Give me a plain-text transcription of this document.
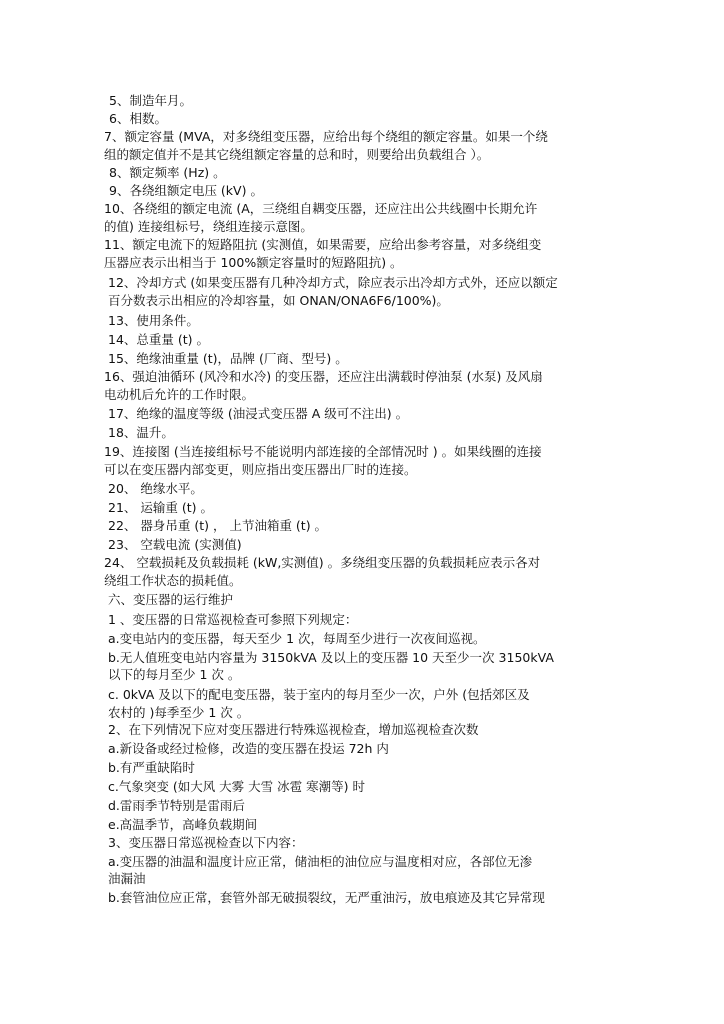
5、制造年月。
6、相数。
7、额定容量 (MVA，对多绕组变压器，应给出每个绕组的额定容量。如果一个绕
组的额定值并不是其它绕组额定容量的总和时，则要给出负载组合 ）。
8、额定频率 (Hz) 。
9、各绕组额定电压 (kV) 。
10、各绕组的额定电流 (A，三绕组自耦变压器，还应注出公共线圈中长期允许
的值) 连接组标号，绕组连接示意图。
11、额定电流下的短路阻抗 (实测值，如果需要，应给出参考容量，对多绕组变
压器应表示出相当于 100%额定容量时的短路阻抗) 。
12、冷却方式 (如果变压器有几种冷却方式，除应表示出冷却方式外，还应以额定
百分数表示出相应的冷却容量，如 ONAN/ONA6F6/100%)。
13、使用条件。
14、总重量 (t) 。
15、绝缘油重量 (t)，品牌 (厂商、型号) 。
16、强迫油循环 (风冷和水冷) 的变压器，还应注出满载时停油泵 (水泵) 及风扇
电动机后允许的工作时限。
17、绝缘的温度等级 (油浸式变压器 A 级可不注出) 。
18、温升。
19、连接图 (当连接组标号不能说明内部连接的全部情况时 ) 。如果线圈的连接
可以在变压器内部变更，则应指出变压器出厂时的连接。
20、 绝缘水平。
21、 运输重 (t) 。
22、 器身吊重 (t) ， 上节油箱重 (t) 。
23、 空载电流 (实测值)
24、 空载损耗及负载损耗 (kW,实测值) 。多绕组变压器的负载损耗应表示各对
绕组工作状态的损耗值。
六、变压器的运行维护
1 、变压器的日常巡视检查可参照下列规定：
a.变电站内的变压器，每天至少 1 次，每周至少进行一次夜间巡视。
b.无人值班变电站内容量为 3150kVA 及以上的变压器 10 天至少一次 3150kVA
以下的每月至少 1 次 。
c. 0kVA 及以下的配电变压器，装于室内的每月至少一次，户外 (包括郊区及
农村的 )每季至少 1 次 。
2、在下列情况下应对变压器进行特殊巡视检查，增加巡视检查次数
a.新设备或经过检修，改造的变压器在投运 72h 内
b.有严重缺陷时
c.气象突变 (如大风 大雾 大雪 冰雹 寒潮等) 时
d.雷雨季节特别是雷雨后
e.高温季节，高峰负载期间
3、变压器日常巡视检查以下内容：
a.变压器的油温和温度计应正常，储油柜的油位应与温度相对应，各部位无渗
油漏油
b.套管油位应正常，套管外部无破损裂纹，无严重油污，放电痕迹及其它异常现
